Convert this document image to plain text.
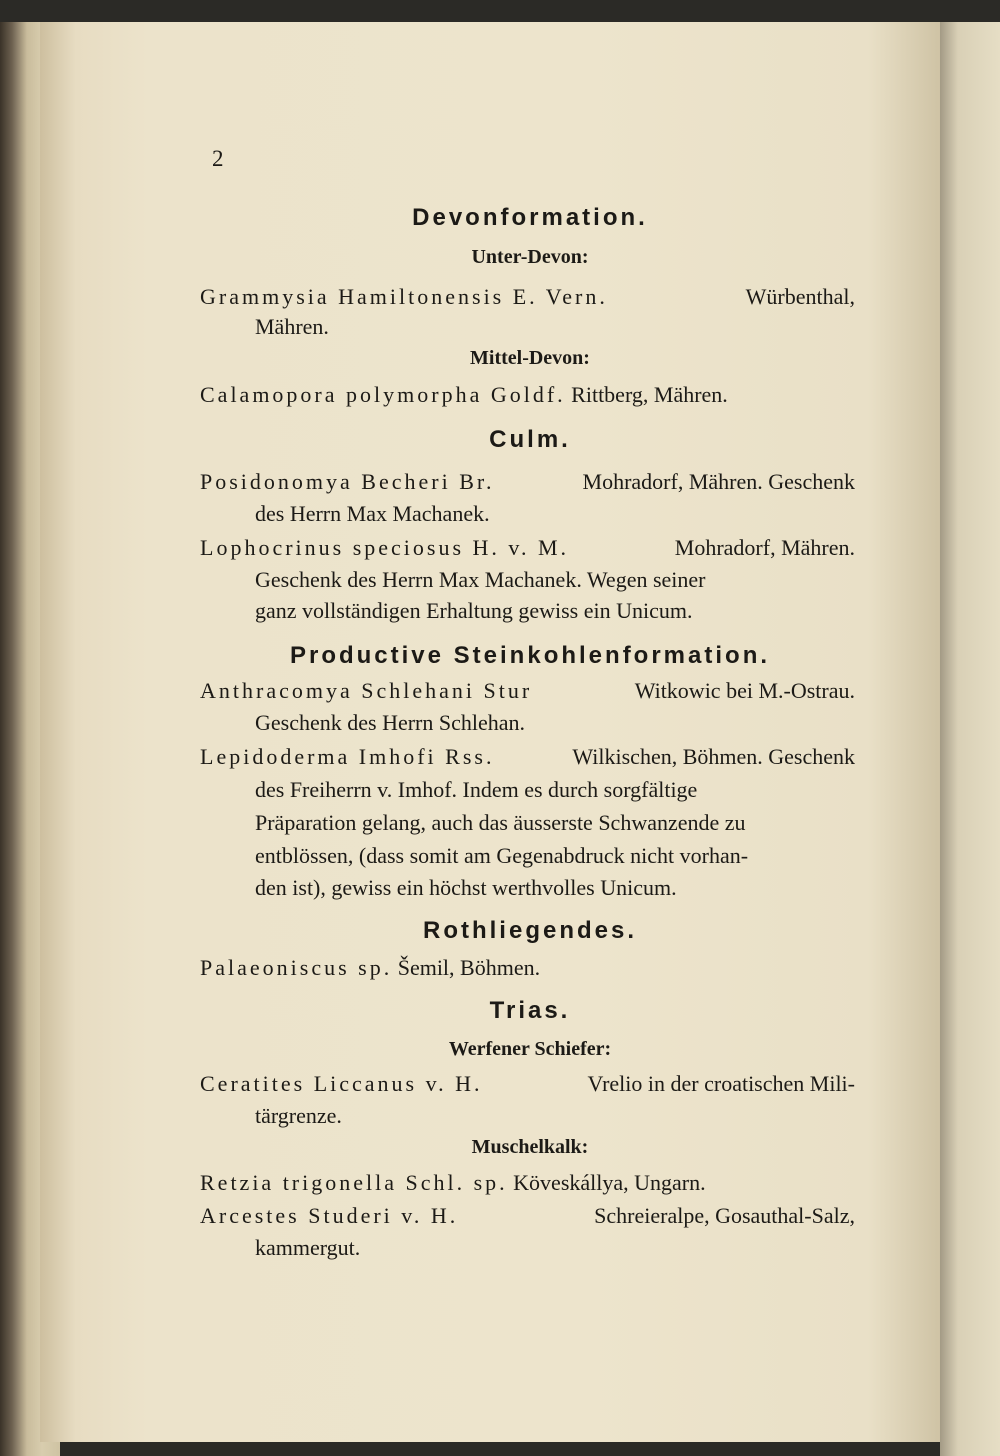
2
Devonformation.
Unter-Devon:
Grammysia Hamiltonensis E. Vern.	Würbenthal,
Mähren.
Mittel-Devon:
Calamopora polymorpha Goldf. Rittberg, Mähren.
Culm.
Posidonomya Becheri Br.	Mohradorf, Mähren. Geschenk
des Herrn Max Machanek.
Lophocrinus speciosus H. v. M.	Mohradorf, Mähren.
Geschenk des Herrn Max Machanek. Wegen seiner
ganz vollständigen Erhaltung gewiss ein Unicum.
Productive Steinkohlenformation.
Anthracomya Schlehani Stur	Witkowic bei M.-Ostrau.
Geschenk des Herrn Schlehan.
Lepidoderma Imhofi Rss.	Wilkischen, Böhmen. Geschenk
des Freiherrn v. Imhof. Indem es durch sorgfältige
Präparation gelang, auch das äusserste Schwanzende zu
entblössen, (dass somit am Gegenabdruck nicht vorhan-
den ist), gewiss ein höchst werthvolles Unicum.
Rothliegendes.
Palaeoniscus sp. Šemil, Böhmen.
Trias.
Werfener Schiefer:
Ceratites Liccanus v. H.	Vrelio in der croatischen Mili-
tärgrenze.
Muschelkalk:
Retzia trigonella Schl. sp. Köveskállya, Ungarn.
Arcestes Studeri v. H.	Schreieralpe, Gosauthal-Salz,
kammergut.
